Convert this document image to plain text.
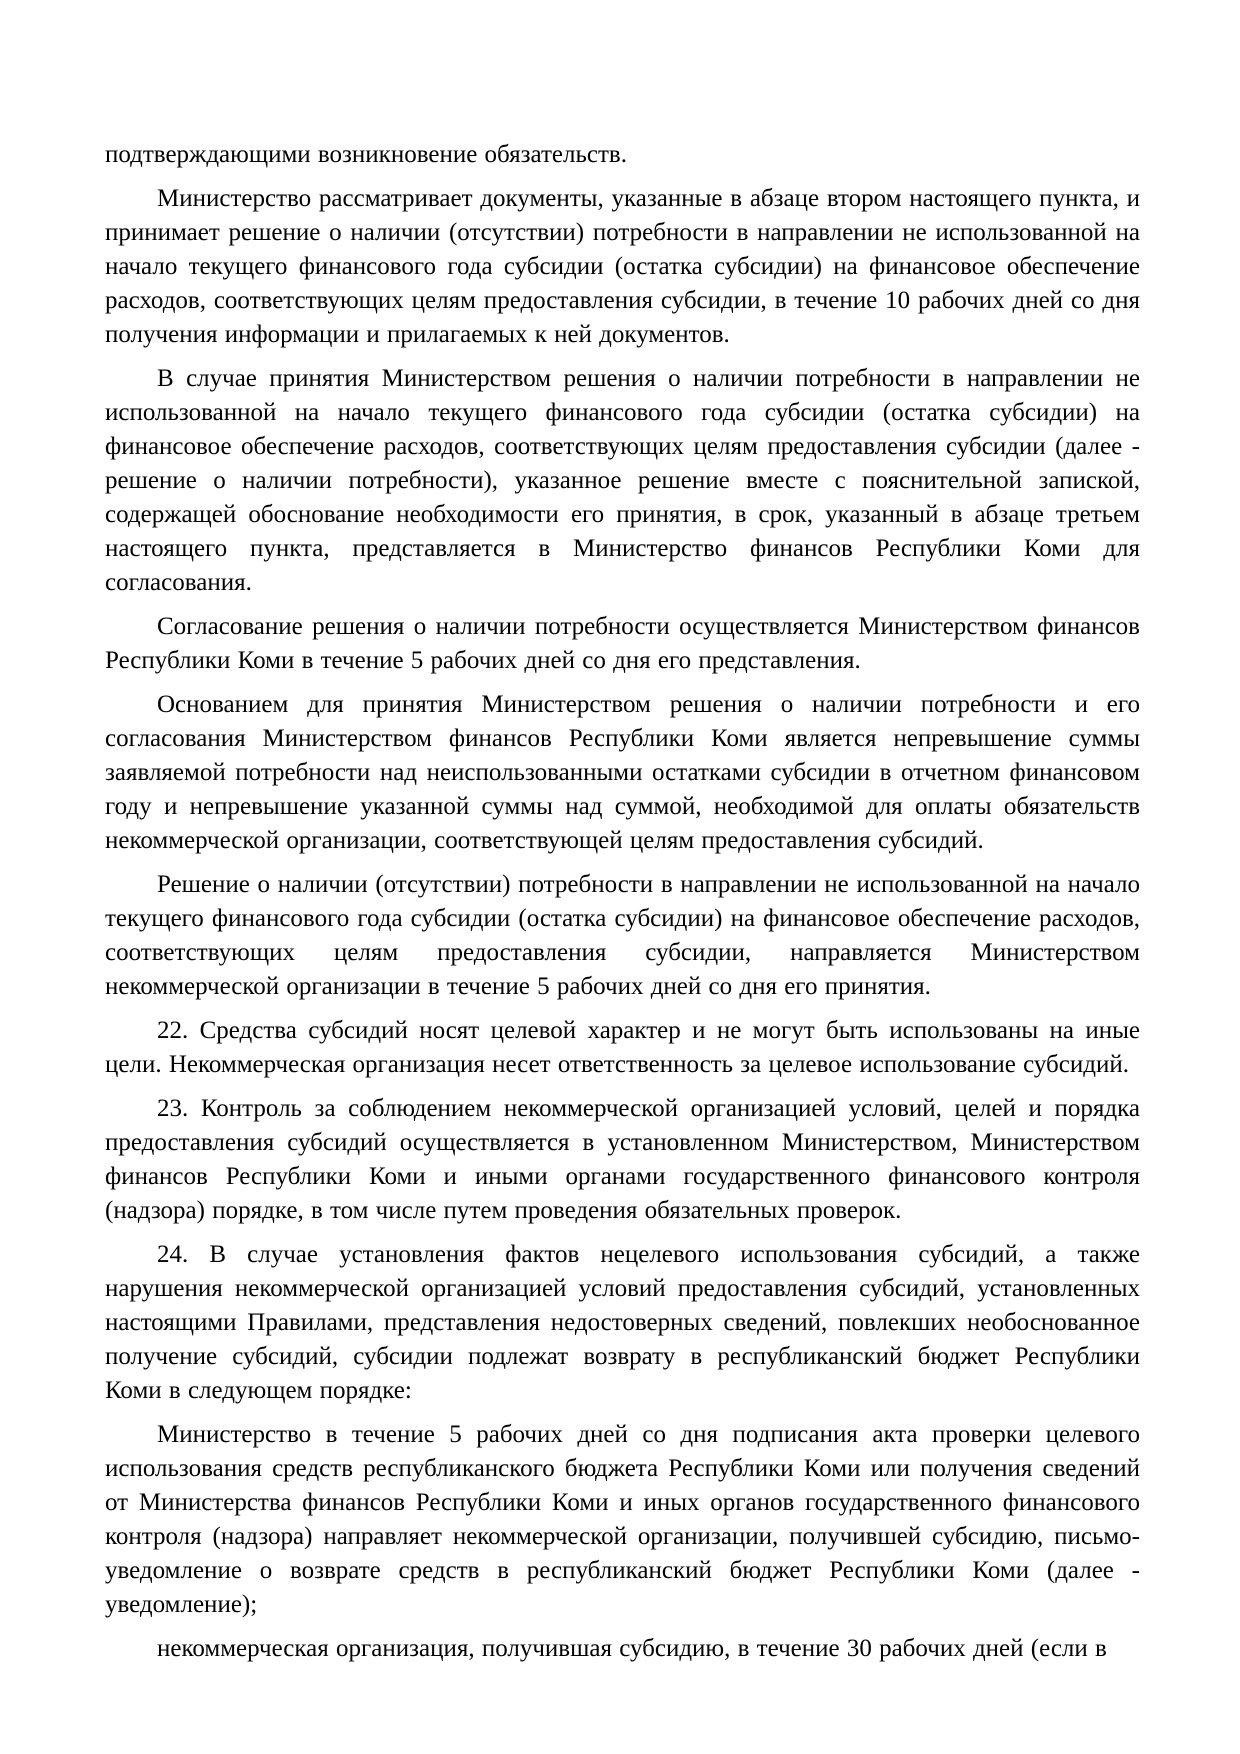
подтверждающими возникновение обязательств.

Министерство рассматривает документы, указанные в абзаце втором настоящего пункта, и принимает решение о наличии (отсутствии) потребности в направлении не использованной на начало текущего финансового года субсидии (остатка субсидии) на финансовое обеспечение расходов, соответствующих целям предоставления субсидии, в течение 10 рабочих дней со дня получения информации и прилагаемых к ней документов.

В случае принятия Министерством решения о наличии потребности в направлении не использованной на начало текущего финансового года субсидии (остатка субсидии) на финансовое обеспечение расходов, соответствующих целям предоставления субсидии (далее - решение о наличии потребности), указанное решение вместе с пояснительной запиской, содержащей обоснование необходимости его принятия, в срок, указанный в абзаце третьем настоящего пункта, представляется в Министерство финансов Республики Коми для согласования.

Согласование решения о наличии потребности осуществляется Министерством финансов Республики Коми в течение 5 рабочих дней со дня его представления.

Основанием для принятия Министерством решения о наличии потребности и его согласования Министерством финансов Республики Коми является непревышение суммы заявляемой потребности над неиспользованными остатками субсидии в отчетном финансовом году и непревышение указанной суммы над суммой, необходимой для оплаты обязательств некоммерческой организации, соответствующей целям предоставления субсидий.

Решение о наличии (отсутствии) потребности в направлении не использованной на начало текущего финансового года субсидии (остатка субсидии) на финансовое обеспечение расходов, соответствующих целям предоставления субсидии, направляется Министерством некоммерческой организации в течение 5 рабочих дней со дня его принятия.

22. Средства субсидий носят целевой характер и не могут быть использованы на иные цели. Некоммерческая организация несет ответственность за целевое использование субсидий.

23. Контроль за соблюдением некоммерческой организацией условий, целей и порядка предоставления субсидий осуществляется в установленном Министерством, Министерством финансов Республики Коми и иными органами государственного финансового контроля (надзора) порядке, в том числе путем проведения обязательных проверок.

24. В случае установления фактов нецелевого использования субсидий, а также нарушения некоммерческой организацией условий предоставления субсидий, установленных настоящими Правилами, представления недостоверных сведений, повлекших необоснованное получение субсидий, субсидии подлежат возврату в республиканский бюджет Республики Коми в следующем порядке:

Министерство в течение 5 рабочих дней со дня подписания акта проверки целевого использования средств республиканского бюджета Республики Коми или получения сведений от Министерства финансов Республики Коми и иных органов государственного финансового контроля (надзора) направляет некоммерческой организации, получившей субсидию, письмо-уведомление о возврате средств в республиканский бюджет Республики Коми (далее - уведомление);

некоммерческая организация, получившая субсидию, в течение 30 рабочих дней (если в
